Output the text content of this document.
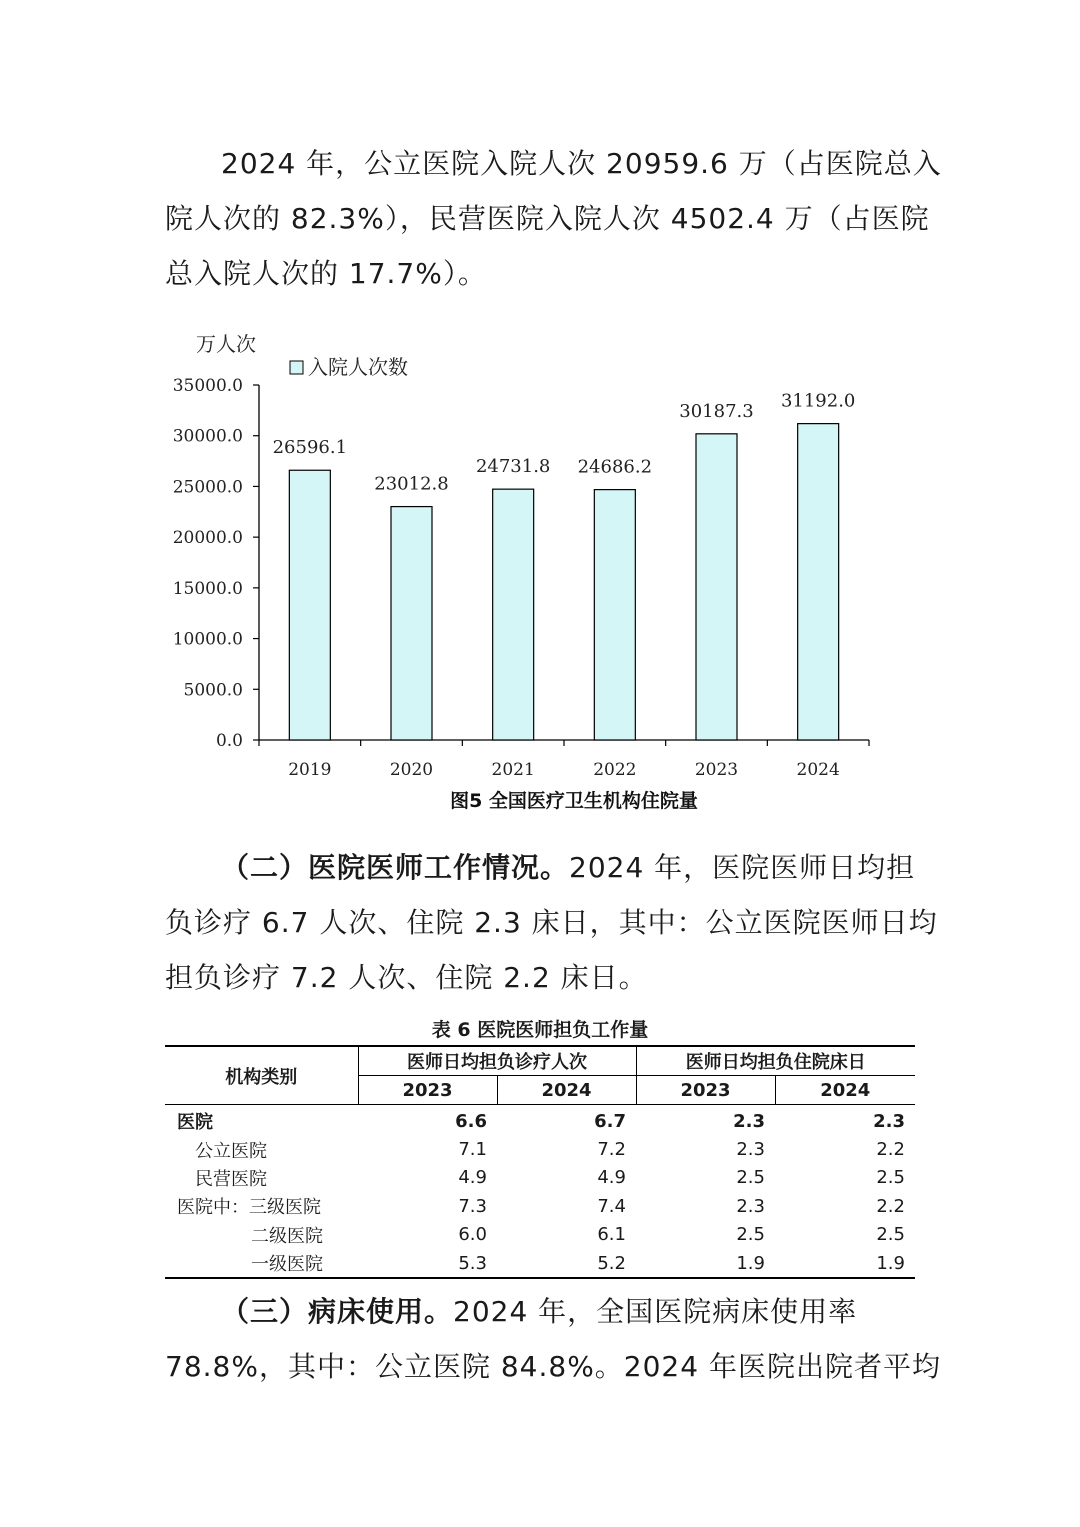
2024 年，公立医院入院人次 20959.6 万（占医院总入
院人次的 82.3%），民营医院入院人次 4502.4 万（占医院
总入院人次的 17.7%）。
万人次
入院人次数
0.0
5000.0
10000.0
15000.0
20000.0
25000.0
30000.0
35000.0
2019	2020	2021	2022	2023	2024
26596.1
23012.8
24731.8 24686.2
30187.3 31192.0
图5 全国医疗卫生机构住院量
（二）医院医师工作情况。2024 年，医院医师日均担
负诊疗 6.7 人次、住院 2.3 床日，其中：公立医院医师日均
担负诊疗 7.2 人次、住院 2.2 床日。
表 6 医院医师担负工作量
机构类别	医师日均担负诊疗人次		医师日均担负住院床日	
	2023	2024	2023	2024
医院	6.6	6.7	2.3	2.3
公立医院	7.1	7.2	2.3	2.2
民营医院	4.9	4.9	2.5	2.5
医院中：三级医院	7.3	7.4	2.3	2.2
二级医院	6.0	6.1	2.5	2.5
一级医院	5.3	5.2	1.9	1.9
（三）病床使用。2024 年，全国医院病床使用率
78.8%，其中：公立医院 84.8%。2024 年医院出院者平均
